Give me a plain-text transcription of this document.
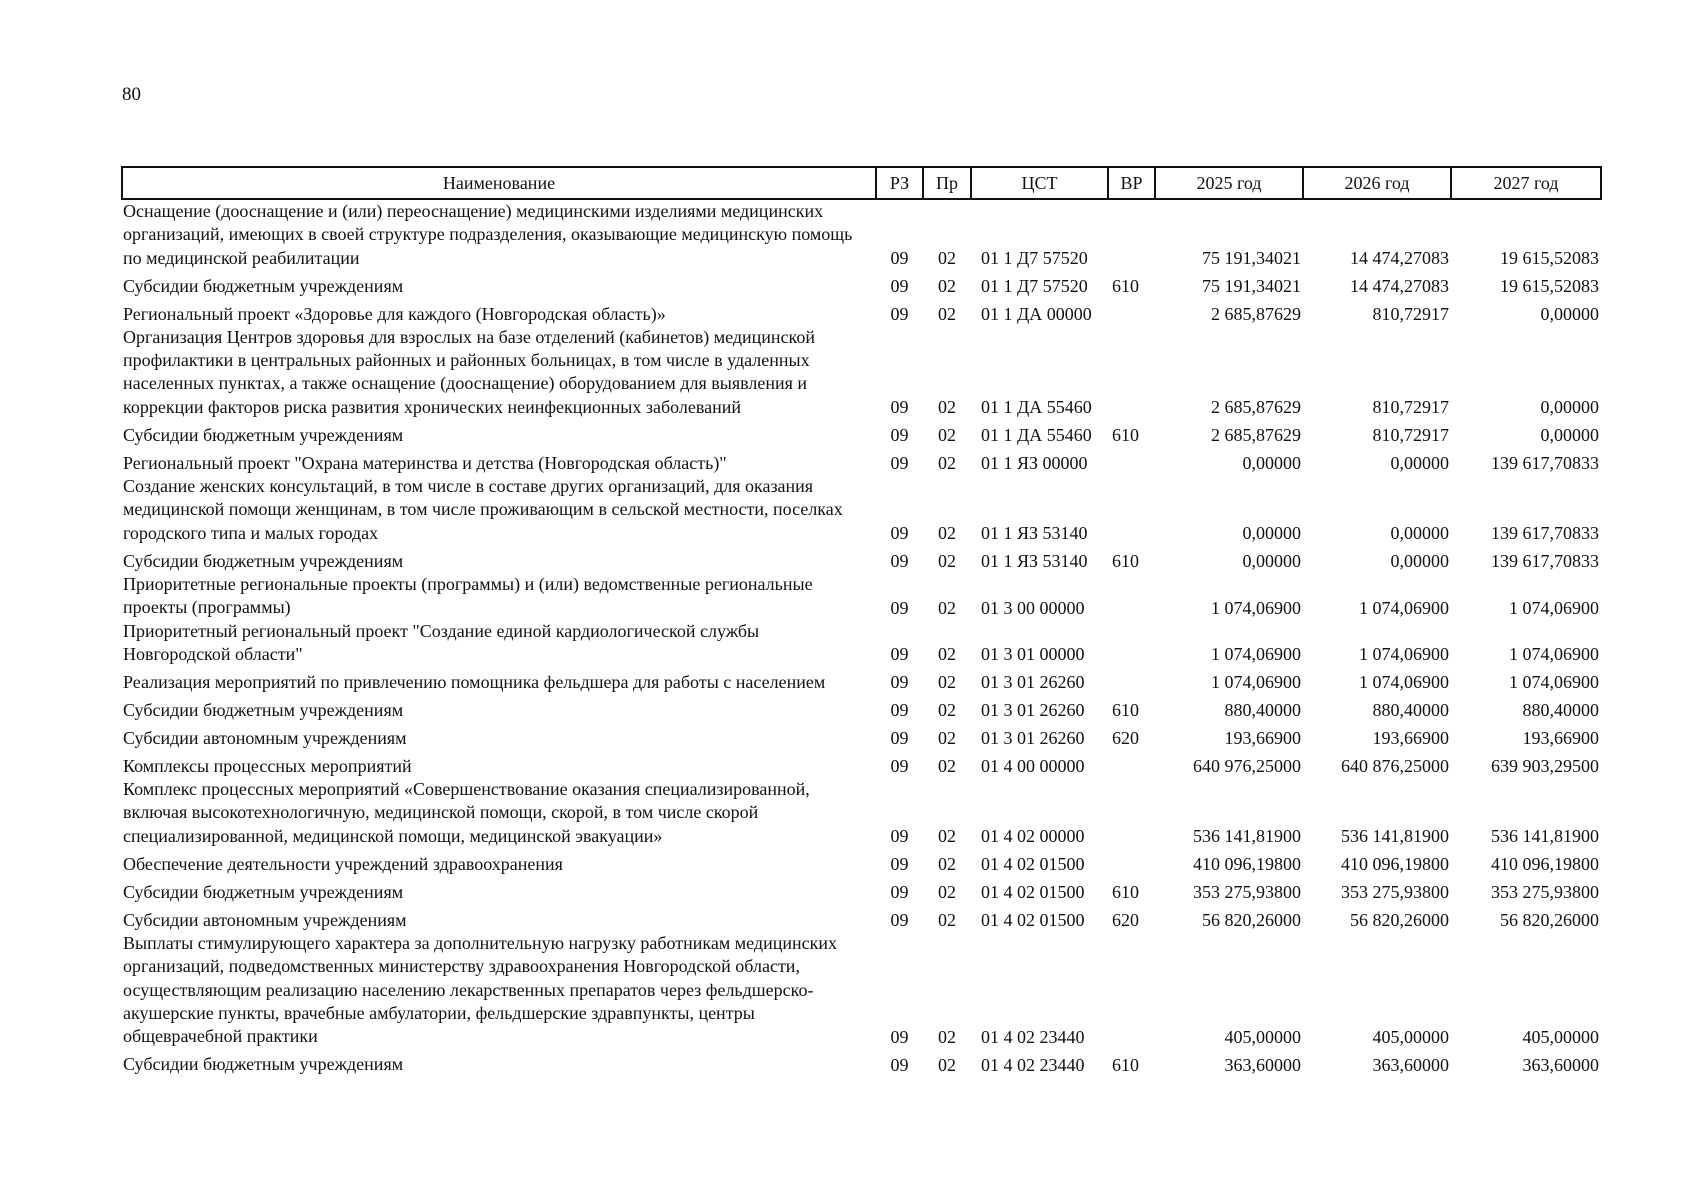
80
Наименование	РЗ	Пр	ЦСТ	ВР	2025 год	2026 год	2027 год
Оснащение (дооснащение и (или) переоснащение) медицинскими изделиями медицинских организаций, имеющих в своей структуре подразделения, оказывающие медицинскую помощь по медицинской реабилитации	09	02	01 1 Д7 57520		75 191,34021	14 474,27083	19 615,52083
Субсидии бюджетным учреждениям	09	02	01 1 Д7 57520	610	75 191,34021	14 474,27083	19 615,52083
Региональный проект «Здоровье для каждого (Новгородская область)»	09	02	01 1 ДА 00000		2 685,87629	810,72917	0,00000
Организация Центров здоровья для взрослых на базе отделений (кабинетов) медицинской профилактики в центральных районных и районных больницах, в том числе в удаленных населенных пунктах, а также оснащение (дооснащение) оборудованием для выявления и коррекции факторов риска развития хронических неинфекционных заболеваний	09	02	01 1 ДА 55460		2 685,87629	810,72917	0,00000
Субсидии бюджетным учреждениям	09	02	01 1 ДА 55460	610	2 685,87629	810,72917	0,00000
Региональный проект "Охрана материнства и детства (Новгородская область)"	09	02	01 1 ЯЗ 00000		0,00000	0,00000	139 617,70833
Создание женских консультаций, в том числе в составе других организаций, для оказания медицинской помощи женщинам, в том числе проживающим в сельской местности, поселках городского типа и малых городах	09	02	01 1 ЯЗ 53140		0,00000	0,00000	139 617,70833
Субсидии бюджетным учреждениям	09	02	01 1 ЯЗ 53140	610	0,00000	0,00000	139 617,70833
Приоритетные региональные проекты (программы) и (или) ведомственные региональные проекты (программы)	09	02	01 3 00 00000		1 074,06900	1 074,06900	1 074,06900
Приоритетный региональный проект "Создание единой кардиологической службы Новгородской области"	09	02	01 3 01 00000		1 074,06900	1 074,06900	1 074,06900
Реализация мероприятий по привлечению помощника фельдшера для работы с населением	09	02	01 3 01 26260		1 074,06900	1 074,06900	1 074,06900
Субсидии бюджетным учреждениям	09	02	01 3 01 26260	610	880,40000	880,40000	880,40000
Субсидии автономным учреждениям	09	02	01 3 01 26260	620	193,66900	193,66900	193,66900
Комплексы процессных мероприятий	09	02	01 4 00 00000		640 976,25000	640 876,25000	639 903,29500
Комплекс процессных мероприятий «Совершенствование оказания специализированной, включая высокотехнологичную, медицинской помощи, скорой, в том числе скорой специализированной, медицинской помощи, медицинской эвакуации»	09	02	01 4 02 00000		536 141,81900	536 141,81900	536 141,81900
Обеспечение деятельности учреждений здравоохранения	09	02	01 4 02 01500		410 096,19800	410 096,19800	410 096,19800
Субсидии бюджетным учреждениям	09	02	01 4 02 01500	610	353 275,93800	353 275,93800	353 275,93800
Субсидии автономным учреждениям	09	02	01 4 02 01500	620	56 820,26000	56 820,26000	56 820,26000
Выплаты стимулирующего характера за дополнительную нагрузку работникам медицинских организаций, подведомственных министерству здравоохранения Новгородской области, осуществляющим реализацию населению лекарственных препаратов через фельдшерско-акушерские пункты, врачебные амбулатории, фельдшерские здравпункты, центры общеврачебной практики	09	02	01 4 02 23440		405,00000	405,00000	405,00000
Субсидии бюджетным учреждениям	09	02	01 4 02 23440	610	363,60000	363,60000	363,60000
